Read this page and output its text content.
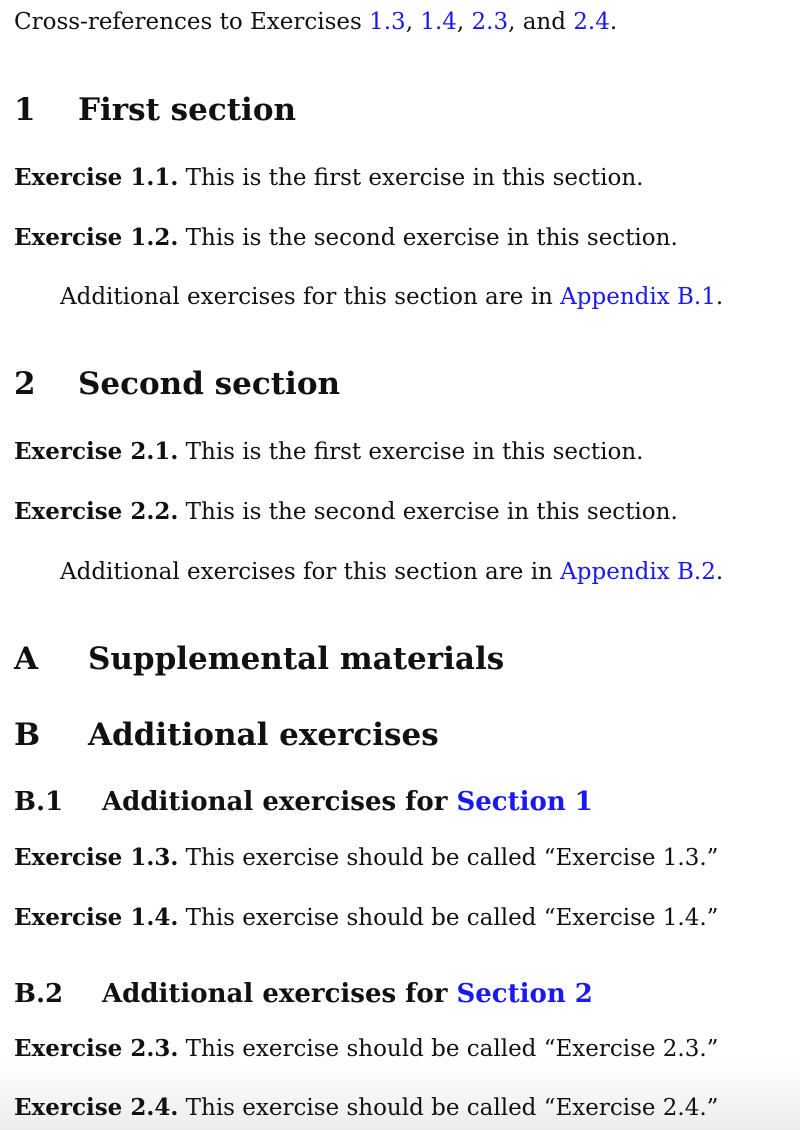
Cross-references to Exercises 1.3, 1.4, 2.3, and 2.4.
1 First section
Exercise 1.1. This is the first exercise in this section.
Exercise 1.2. This is the second exercise in this section.
Additional exercises for this section are in Appendix B.1.
2 Second section
Exercise 2.1. This is the first exercise in this section.
Exercise 2.2. This is the second exercise in this section.
Additional exercises for this section are in Appendix B.2.
A Supplemental materials
B Additional exercises
B.1 Additional exercises for Section 1
Exercise 1.3. This exercise should be called “Exercise 1.3.”
Exercise 1.4. This exercise should be called “Exercise 1.4.”
B.2 Additional exercises for Section 2
Exercise 2.3. This exercise should be called “Exercise 2.3.”
Exercise 2.4. This exercise should be called “Exercise 2.4.”
